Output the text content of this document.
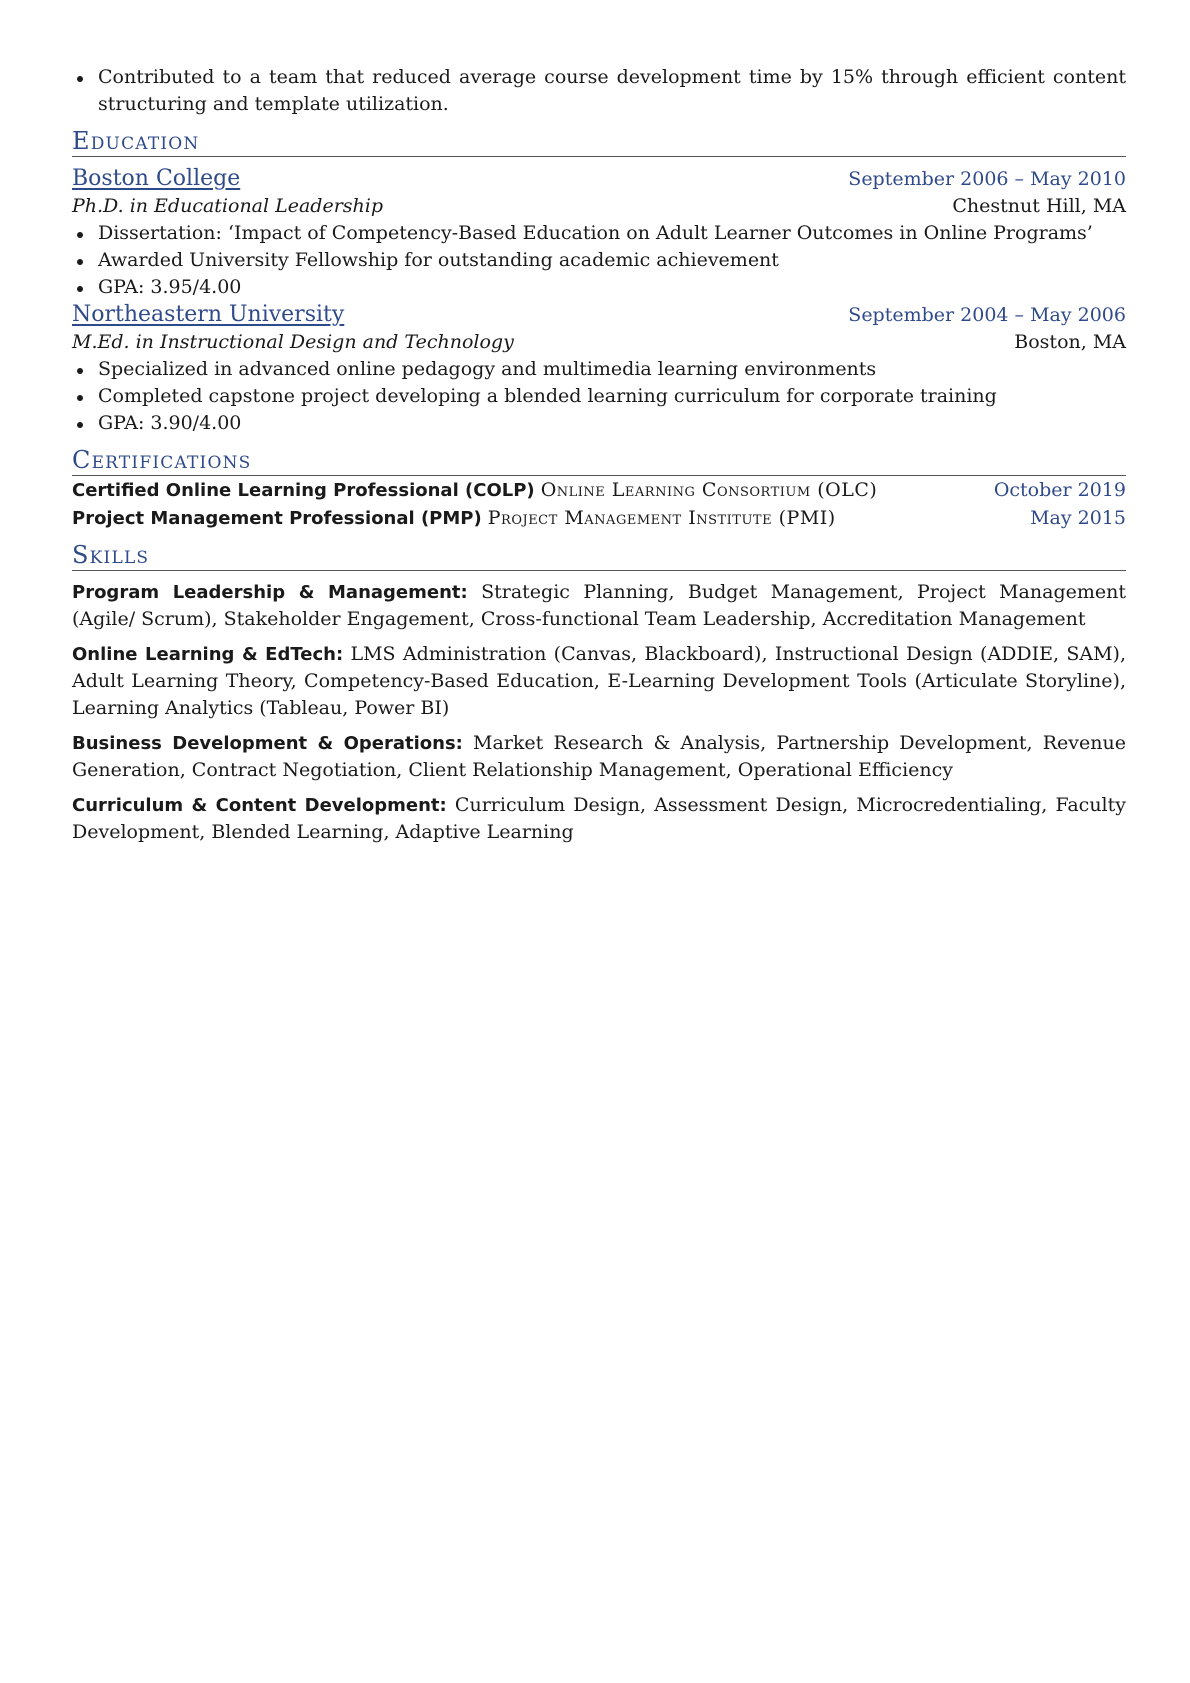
Contributed to a team that reduced average course development time by 15% through efficient content structuring and template utilization.
Education
Boston College	September 2006 – May 2010
Ph.D. in Educational Leadership	Chestnut Hill, MA
Dissertation: ‘Impact of Competency-Based Education on Adult Learner Outcomes in Online Programs’
Awarded University Fellowship for outstanding academic achievement
GPA: 3.95/4.00
Northeastern University	September 2004 – May 2006
M.Ed. in Instructional Design and Technology	Boston, MA
Specialized in advanced online pedagogy and multimedia learning environments
Completed capstone project developing a blended learning curriculum for corporate training
GPA: 3.90/4.00
Certifications
Certified Online Learning Professional (COLP) Online Learning Consortium (OLC)	October 2019
Project Management Professional (PMP) Project Management Institute (PMI)	May 2015
Skills
Program Leadership & Management: Strategic Planning, Budget Management, Project Management (Agile/ Scrum), Stakeholder Engagement, Cross-functional Team Leadership, Accreditation Management
Online Learning & EdTech: LMS Administration (Canvas, Blackboard), Instructional Design (ADDIE, SAM), Adult Learning Theory, Competency-Based Education, E-Learning Development Tools (Articulate Storyline), Learning Analytics (Tableau, Power BI)
Business Development & Operations: Market Research & Analysis, Partnership Development, Revenue Generation, Contract Negotiation, Client Relationship Management, Operational Efficiency
Curriculum & Content Development: Curriculum Design, Assessment Design, Microcredentialing, Faculty Development, Blended Learning, Adaptive Learning
